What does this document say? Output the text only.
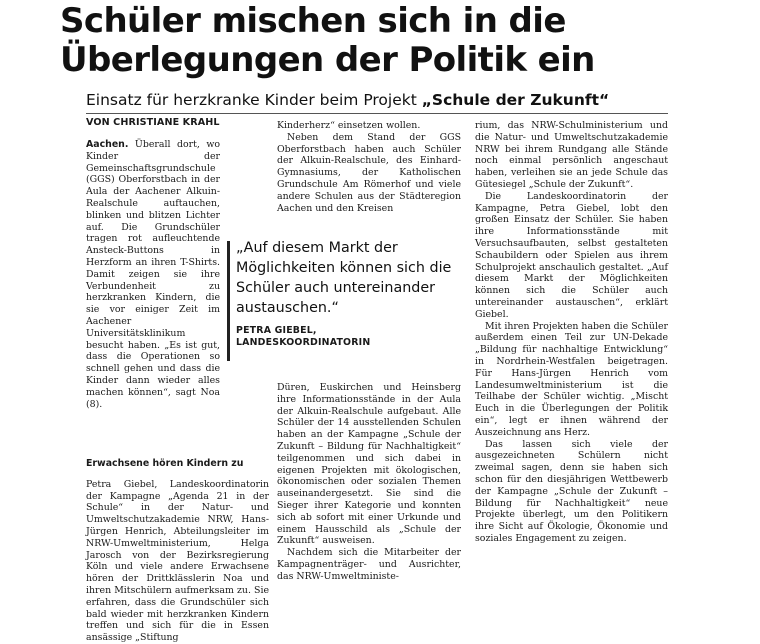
Schüler mischen sich in die
Überlegungen der Politik ein
Einsatz für herzkranke Kinder beim Projekt „Schule der Zukunft“
VON CHRISTIANE KRAHL

Aachen. Überall dort, wo Kinder der Gemeinschaftsgrundschule (GGS) Oberforstbach in der Aula der Aachener Alkuin-Realschule auftauchen, blinken und blitzen Lichter auf. Die Grundschüler tragen rot aufleuchtende Ansteck-Buttons in Herzform an ihren T-Shirts. Damit zeigen sie ihre Verbundenheit zu herzkranken Kindern, die sie vor einiger Zeit im Aachener Universitätsklinikum besucht haben. „Es ist gut, dass die Operationen so schnell gehen und dass die Kinder dann wieder alles machen können“, sagt Noa (8).

Erwachsene hören Kindern zu

Petra Giebel, Landeskoordinatorin der Kampagne „Agenda 21 in der Schule“ in der Natur- und Umweltschutzakademie NRW, Hans-Jürgen Henrich, Abteilungsleiter im NRW-Umweltministerium, Helga Jarosch von der Bezirksregierung Köln und viele andere Erwachsene hören der Drittklässlerin Noa und ihren Mitschülern aufmerksam zu. Sie erfahren, dass die Grundschüler sich bald wieder mit herzkranken Kindern treffen und sich für die in Essen ansässige „Stiftung

Kinderherz“ einsetzen wollen.

Neben dem Stand der GGS Oberforstbach haben auch Schüler der Alkuin-Realschule, des Einhard-Gymnasiums, der Katholischen Grundschule Am Römerhof und viele andere Schulen aus der Städteregion Aachen und den Kreisen

„Auf diesem Markt der Möglichkeiten können sich die Schüler auch untereinander austauschen.“
PETRA GIEBEL,
LANDESKOORDINATORIN

Düren, Euskirchen und Heinsberg ihre Informationsstände in der Aula der Alkuin-Realschule aufgebaut. Alle Schüler der 14 ausstellenden Schulen haben an der Kampagne „Schule der Zukunft – Bildung für Nachhaltigkeit“ teilgenommen und sich dabei in eigenen Projekten mit ökologischen, ökonomischen oder sozialen Themen auseinandergesetzt. Sie sind die Sieger ihrer Kategorie und konnten sich ab sofort mit einer Urkunde und einem Hausschild als „Schule der Zukunft“ ausweisen.

Nachdem sich die Mitarbeiter der Kampagnenträger- und Ausrichter, das NRW-Umweltministe-

rium, das NRW-Schulministerium und die Natur- und Umweltschutzakademie NRW bei ihrem Rundgang alle Stände noch einmal persönlich angeschaut haben, verleihen sie an jede Schule das Gütesiegel „Schule der Zukunft“.

Die Landeskoordinatorin der Kampagne, Petra Giebel, lobt den großen Einsatz der Schüler. Sie haben ihre Informationsstände mit Versuchsaufbauten, selbst gestalteten Schaubildern oder Spielen aus ihrem Schulprojekt anschaulich gestaltet. „Auf diesem Markt der Möglichkeiten können sich die Schüler auch untereinander austauschen“, erklärt Giebel.

Mit ihren Projekten haben die Schüler außerdem einen Teil zur UN-Dekade „Bildung für nachhaltige Entwicklung“ in Nordrhein-Westfalen beigetragen. Für Hans-Jürgen Henrich vom Landesumweltministerium ist die Teilhabe der Schüler wichtig. „Mischt Euch in die Überlegungen der Politik ein“, legt er ihnen während der Auszeichnung ans Herz.

Das lassen sich viele der ausgezeichneten Schülern nicht zweimal sagen, denn sie haben sich schon für den diesjährigen Wettbewerb der Kampagne „Schule der Zukunft – Bildung für Nachhaltigkeit“ neue Projekte überlegt, um den Politikern ihre Sicht auf Ökologie, Ökonomie und soziales Engagement zu zeigen.
